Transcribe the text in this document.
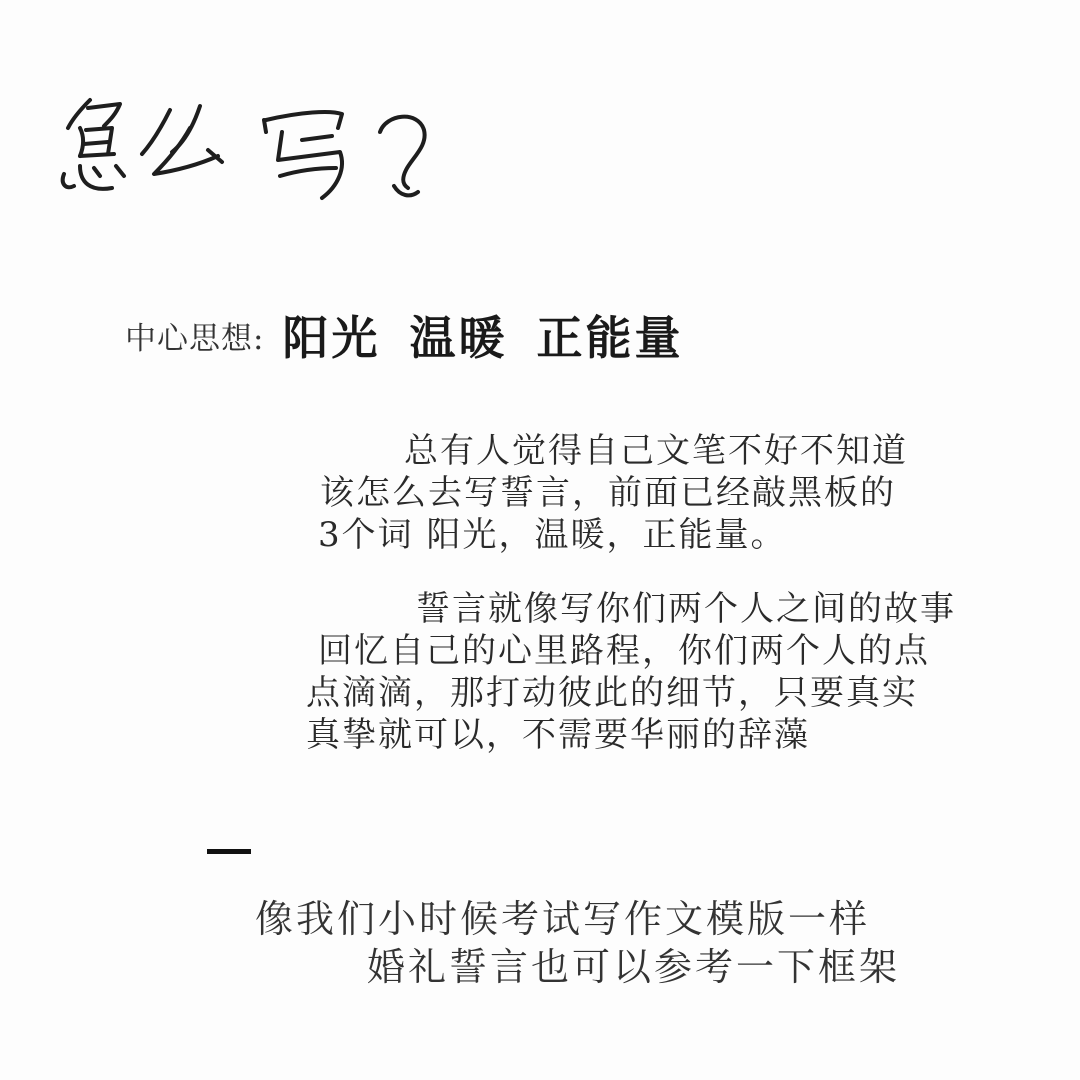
中心思想: 阳光 温暖 正能量
总有人觉得自己文笔不好不知道
该怎么去写誓言，前面已经敲黑板的
3个词 阳光，温暖，正能量。
誓言就像写你们两个人之间的故事
回忆自己的心里路程，你们两个人的点
点滴滴，那打动彼此的细节，只要真实
真挚就可以，不需要华丽的辞藻
像我们小时候考试写作文模版一样
婚礼誓言也可以参考一下框架
